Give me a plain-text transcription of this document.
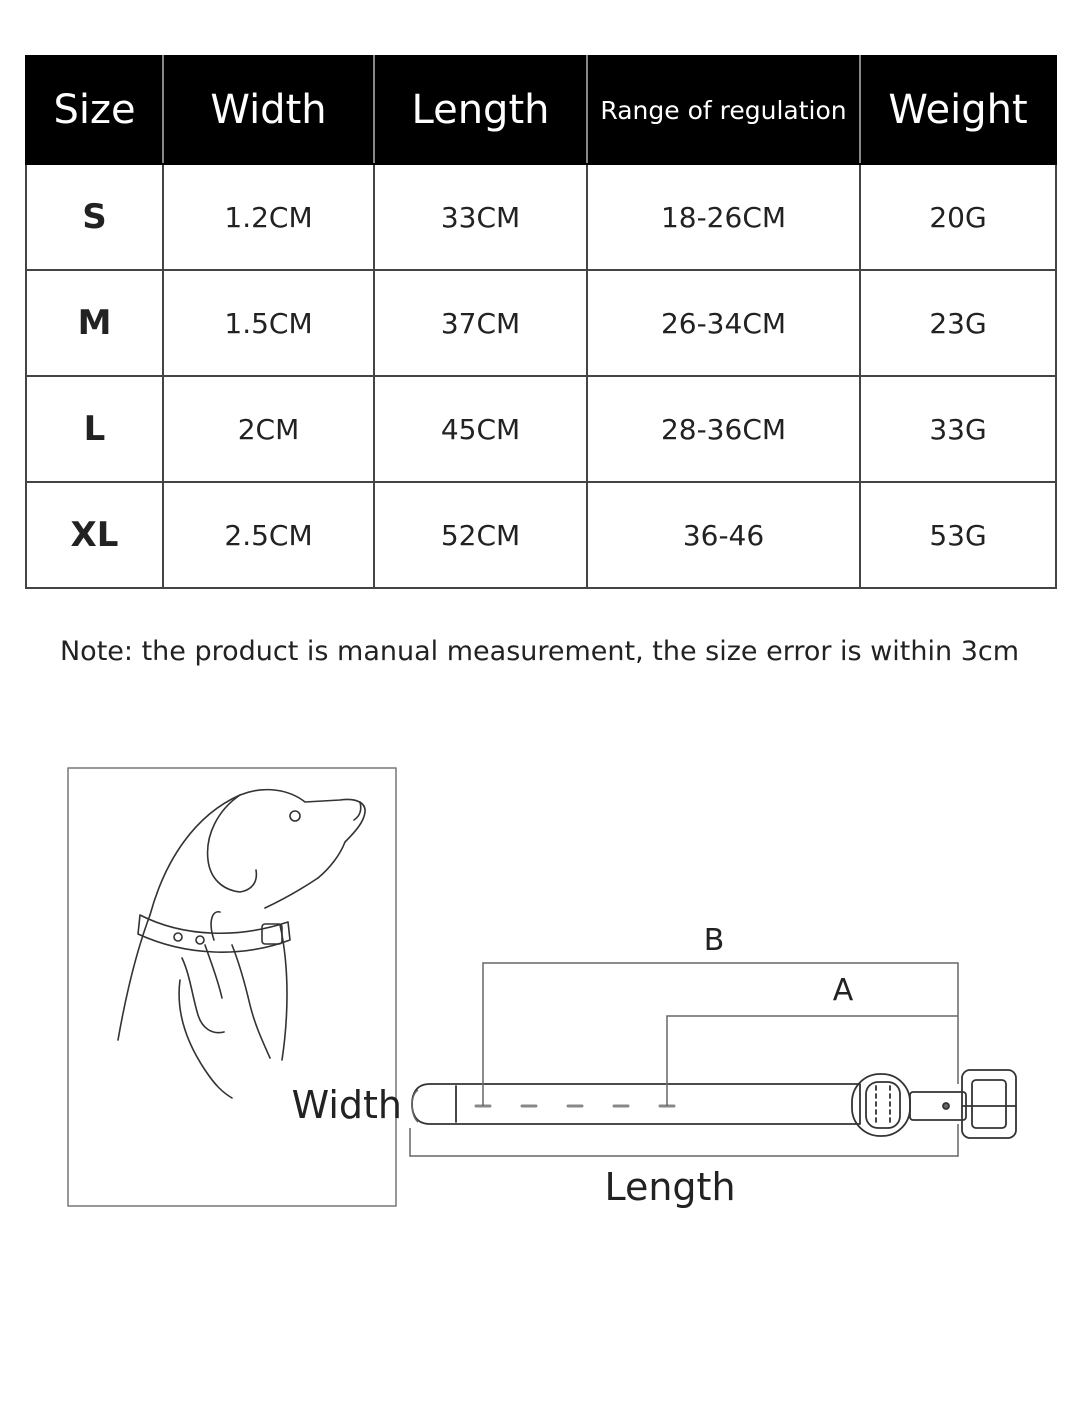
Size	Width	Length	Range of regulation	Weight
S	1.2CM	33CM	18-26CM	20G
M	1.5CM	37CM	26-34CM	23G
L	2CM	45CM	28-36CM	33G
XL	2.5CM	52CM	36-46	53G
Note: the product is manual measurement, the size error is within 3cm
B
A
Width
Length
